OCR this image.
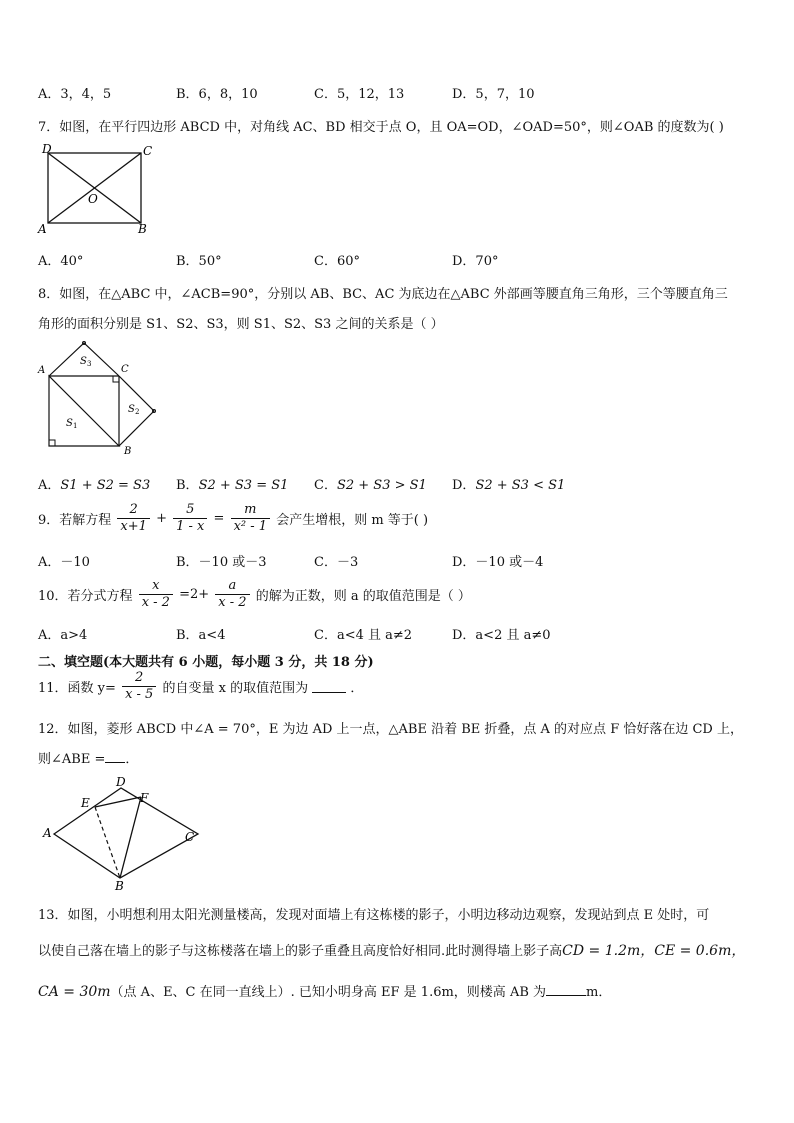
A．3，4，5	B．6，8，10	C．5，12，13	D．5，7，10
7．如图，在平行四边形 ABCD 中，对角线 AC、BD 相交于点 O，且 OA=OD，∠OAD=50°，则∠OAB 的度数为( )
D	C
A	B
O
A．40°	B．50°	C．60°	D．70°
8．如图，在△ABC 中，∠ACB=90°，分别以 AB、BC、AC 为底边在△ABC 外部画等腰直角三角形，三个等腰直角三
角形的面积分别是 S1、S2、S3，则 S1、S2、S3 之间的关系是（ ）
A	C
B
S 3
S 2
S 1
A．S1 + S2 = S3 B．S2 + S3 = S1 C．S2 + S3 > S1 D．S2 + S3 < S1
9．若解方程 $\frac{2}{x+1} + \frac{5}{1 - x} = \frac{m}{\text{x² - 1}}$ 会产生增根，则 m 等于( )
A．－10	B．－10 或－3	C．－3	D．－10 或－4
10．若分式方程 $\frac{x}{x - 2} =2+ \frac{a}{x - 2}$ 的解为正数，则 a 的取值范围是（ ）
A．a>4	B．a<4	C．a<4 且 a≠2	D．a<2 且 a≠0
二、填空题(本大题共有 6 小题，每小题 3 分，共 18 分)
11．函数 $y= \frac{2}{x - 5}$ 的自变量 x 的取值范围为	．
12．如图，菱形 ABCD 中∠A = 70°，E 为边 AD 上一点，△ABE 沿着 BE 折叠，点 A 的对应点 F 恰好落在边 CD 上，
则∠ABE = ．
A
D
C
B
E	F
13．如图，小明想利用太阳光测量楼高，发现对面墙上有这栋楼的影子，小明边移动边观察，发现站到点 E 处时，可
以使自己落在墙上的影子与这栋楼落在墙上的影子重叠且高度恰好相同.此时测得墙上影子高CD = 1.2m，CE = 0.6m，
CA = 30m（点 A、E、C 在同一直线上）. 已知小明身高 EF 是 1.6m，则楼高 AB 为	m．
